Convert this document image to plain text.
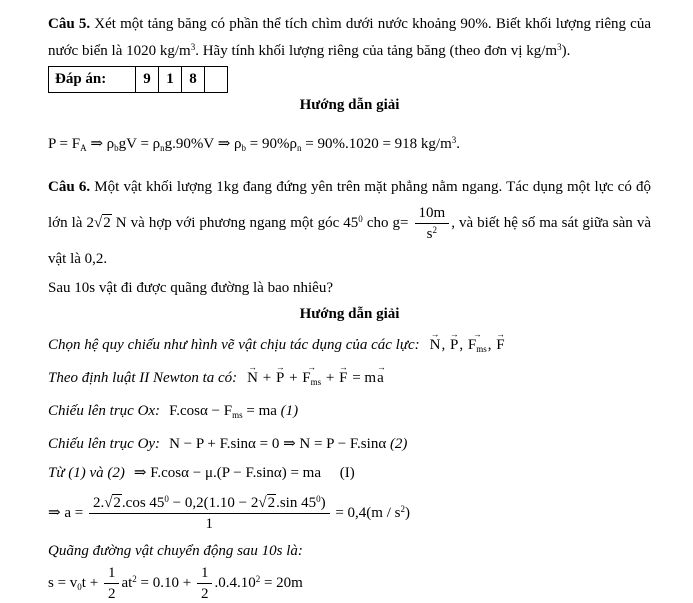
Câu 5. Xét một tảng băng có phần thể tích chìm dưới nước khoảng 90%. Biết khối lượng riêng của nước biển là 1020 $kg/m^3$. Hãy tính khối lượng riêng của tảng băng (theo đơn vị $kg/m^3$).

Đáp án:	9	1	8	
Hướng dẫn giải
$P = F_A$ ⇒ $\rho_bgV = \rho_ng.90\%V$ ⇒ $\rho_b = 90\%\rho_n = 90\%.1020 = 918$ $kg/m^3$.

Câu 6. Một vật khối lượng 1kg đang đứng yên trên mặt phẳng nằm ngang. Tác dụng một lực có độ lớn là 2√2 N và hợp với phương ngang một góc $45^0$ cho $g= \frac{10m}{s^2}$ , và biết hệ số ma sát giữa sàn và vật là 0,2.

Sau 10s vật đi được quãng đường là bao nhiêu?

Hướng dẫn giải
Chọn hệ quy chiếu như hình vẽ vật chịu tác dụng của các lực:
→
N,
→
P,
→
$F_{ms}$,
→
F
Theo định luật II Newton ta có:
→
N +
→
P +
→
$F_{ms}$ +
→
F = m
→
a
Chiếu lên trục Ox: $F.\cos\alpha - F_{ms}$ = ma (1)
Chiếu lên trục Oy: N − P + F.sinα = 0 ⇒ N = P − F.sinα (2)
Từ (1) và (2) ⇒ F.cosα − μ.(P − F.sinα) = ma     (I)
⇒ $a = \frac{2.√2.\cos 45^0 - 0,2(1.10 - 2√2.\sin 45^0)}{1} = 0,4(m / s^2)$
Quãng đường vật chuyển động sau 10s là:
$s = v_0t + \frac{1}{2} at^2 = 0.10 + \frac{1}{2} .0.4.10^2 = 20m$
